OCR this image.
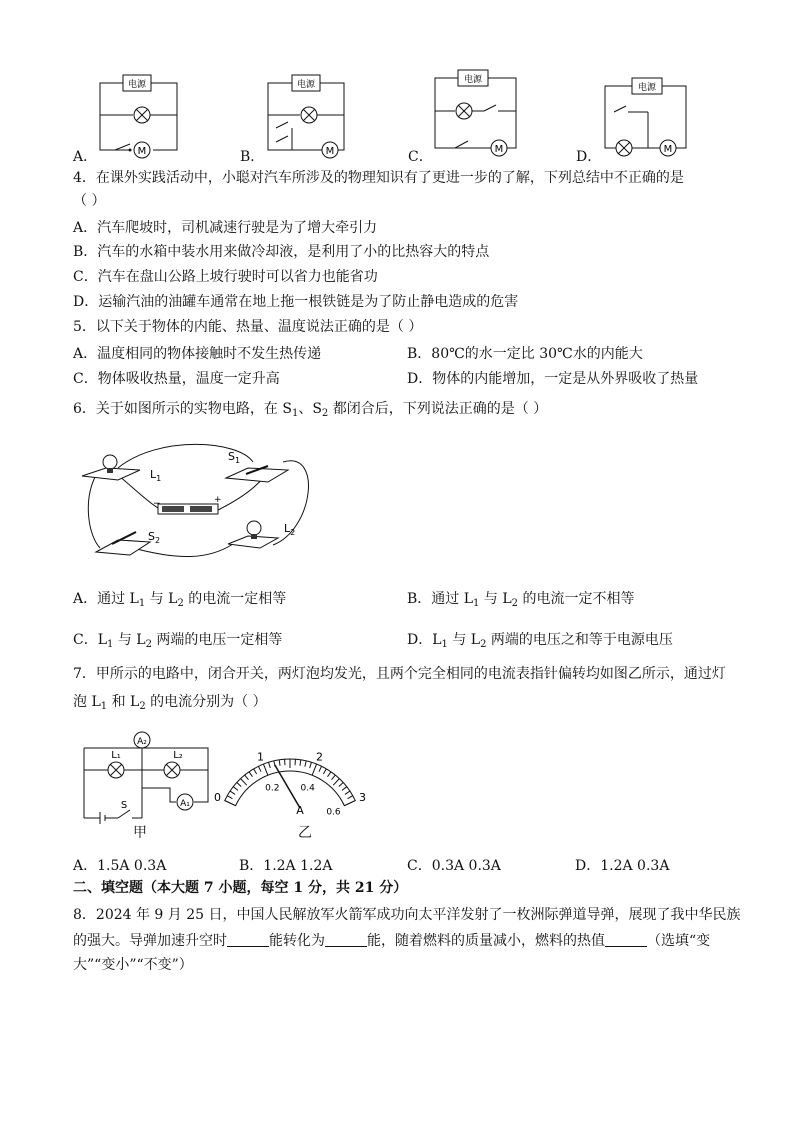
电源
M
A．
电源
M
B．
电源
M
C．
电源
M
D．
4．在课外实践活动中，小聪对汽车所涉及的物理知识有了更进一步的了解，下列总结中不正确的是
（ ）
A．汽车爬坡时，司机减速行驶是为了增大牵引力
B．汽车的水箱中装水用来做冷却液，是利用了小的比热容大的特点
C．汽车在盘山公路上坡行驶时可以省力也能省功
D．运输汽油的油罐车通常在地上拖一根铁链是为了防止静电造成的危害
5．以下关于物体的内能、热量、温度说法正确的是（ ）
A．温度相同的物体接触时不发生热传递	B．80℃的水一定比 30℃水的内能大
C．物体吸收热量，温度一定升高	D．物体的内能增加，一定是从外界吸收了热量
6．关于如图所示的实物电路，在 $S_1$、$S_2$ 都闭合后，下列说法正确的是（ ）
$L_1$
$S_1$
−	+
$S_2$
$L_2$
A．通过 $L_1$ 与 $L_2$ 的电流一定相等	B．通过 $L_1$ 与 $L_2$ 的电流一定不相等
C．$L_1$ 与 $L_2$ 两端的电压一定相等	D．$L_1$ 与 $L_2$ 两端的电压之和等于电源电压
7．甲所示的电路中，闭合开关，两灯泡均发光，且两个完全相同的电流表指针偏转均如图乙所示，通过灯
泡 $L_1$ 和 $L_2$ 的电流分别为（ ）
A₂
L₁	L₂
A₁
S
甲
0
1	2
3
0.2 0.4
0.6
A
乙
A．1.5A 0.3A	B．1.2A 1.2A	C．0.3A 0.3A	D．1.2A 0.3A
二、填空题（本大题 7 小题，每空 1 分，共 21 分）
8．2024 年 9 月 25 日，中国人民解放军火箭军成功向太平洋发射了一枚洲际弹道导弹，展现了我中华民族
的强大。导弹加速升空时	能转化为	能，随着燃料的质量减小，燃料的热值	（选填“变
大”“变小”“不变”）
